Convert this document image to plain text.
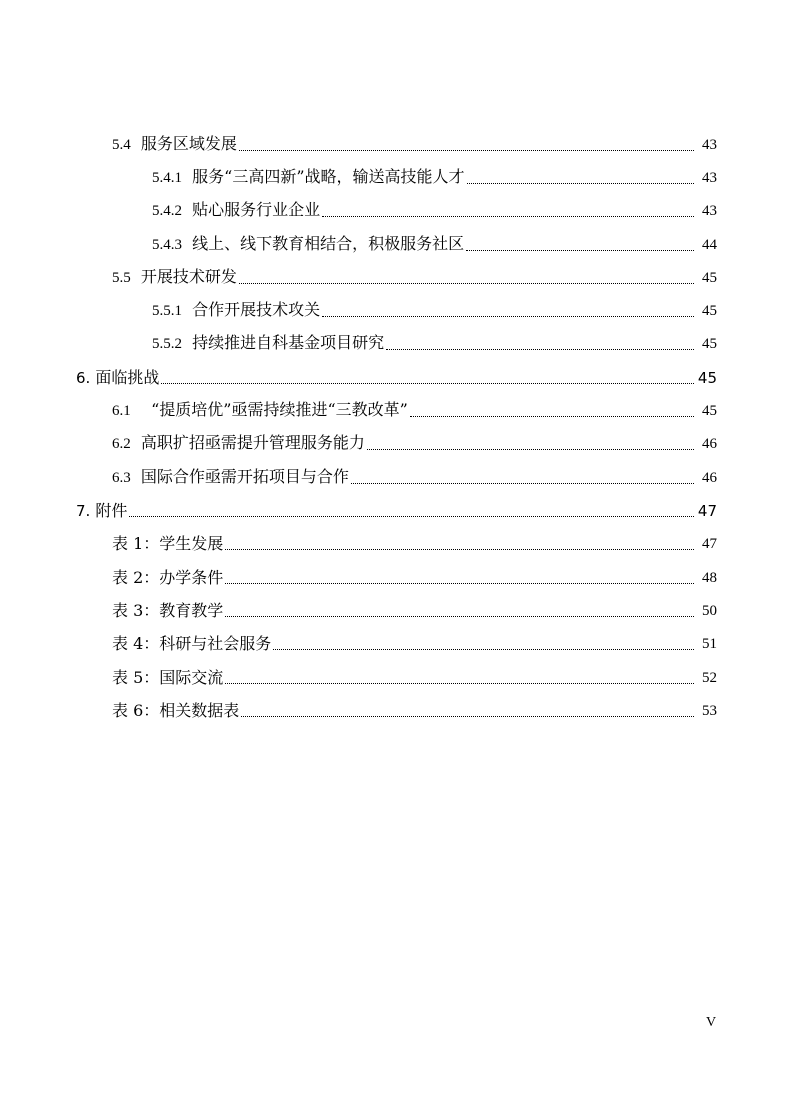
5.4 服务区域发展	43
5.4.1 服务“三高四新”战略，输送高技能人才	43
5.4.2 贴心服务行业企业	43
5.4.3 线上、线下教育相结合，积极服务社区	44
5.5 开展技术研发	45
5.5.1 合作开展技术攻关	45
5.5.2 持续推进自科基金项目研究	45
6. 面临挑战	45
6.1 “提质培优”亟需持续推进“三教改革”	45
6.2 高职扩招亟需提升管理服务能力	46
6.3 国际合作亟需开拓项目与合作	46
7. 附件	47
表 1：学生发展	47
表 2：办学条件	48
表 3：教育教学	50
表 4：科研与社会服务	51
表 5：国际交流	52
表 6：相关数据表	53
V
